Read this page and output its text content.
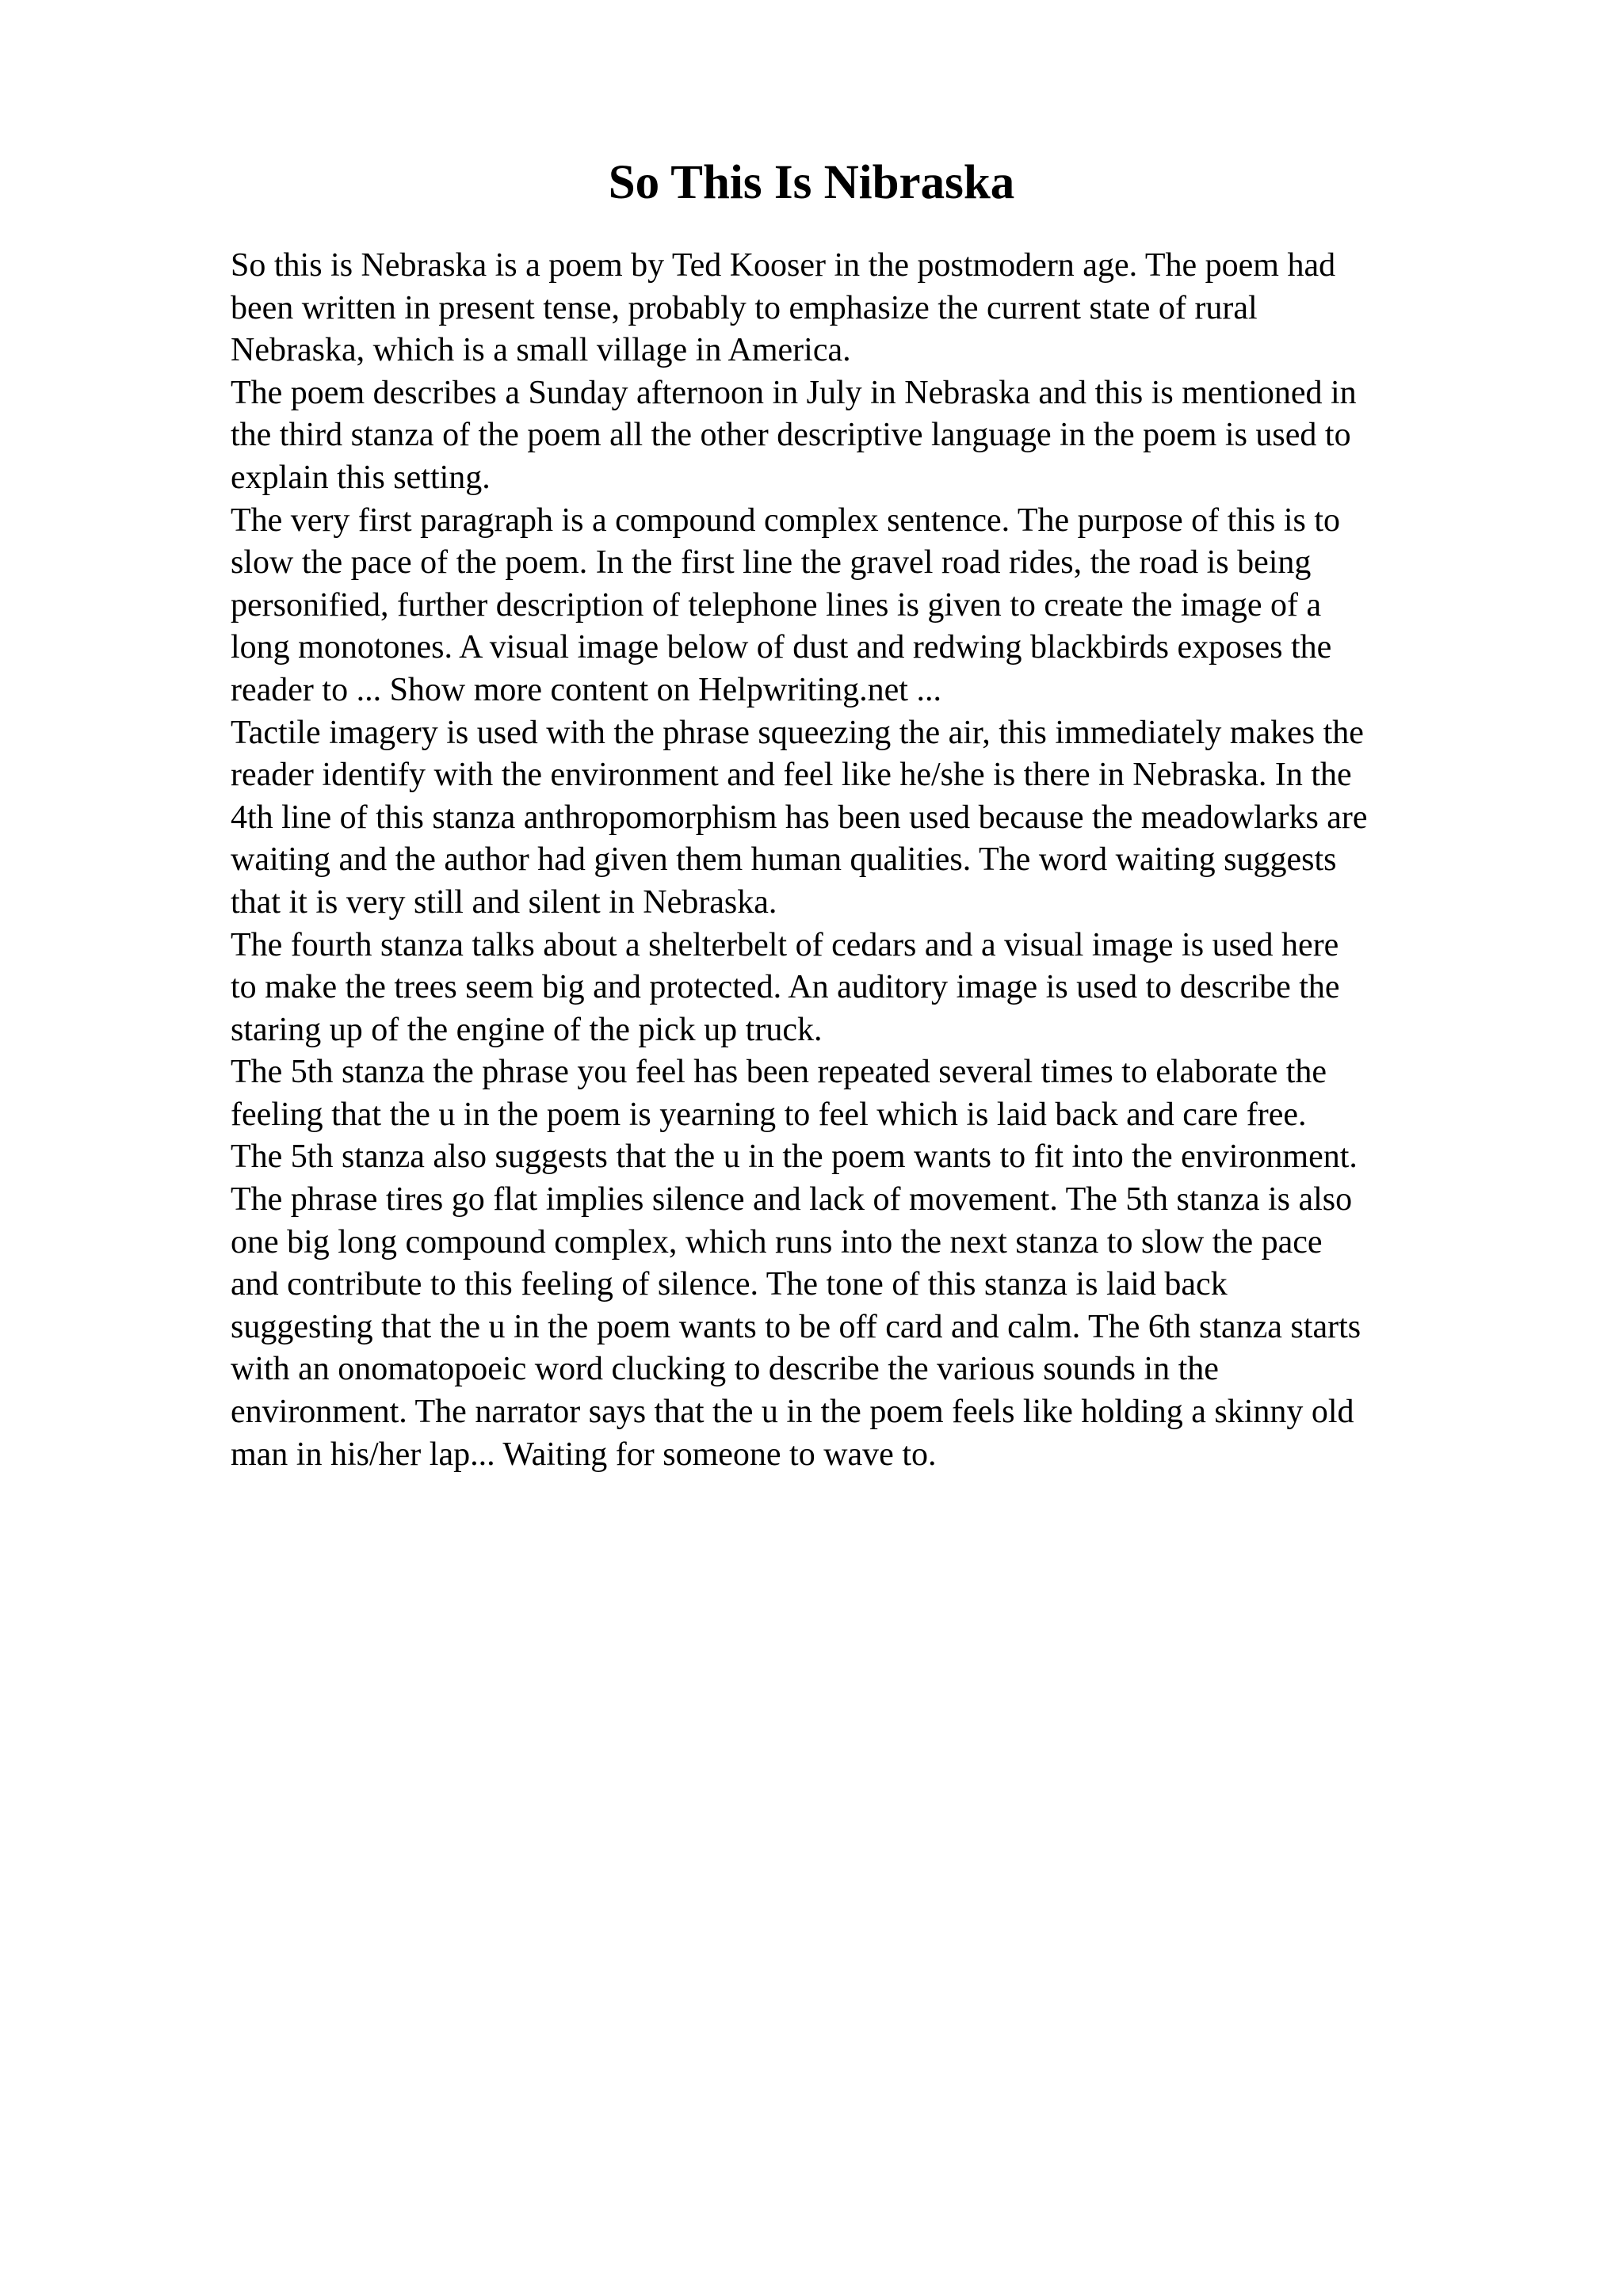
So This Is Nibraska
So this is Nebraska is a poem by Ted Kooser in the postmodern age. The poem had
been written in present tense, probably to emphasize the current state of rural
Nebraska, which is a small village in America.
The poem describes a Sunday afternoon in July in Nebraska and this is mentioned in
the third stanza of the poem all the other descriptive language in the poem is used to
explain this setting.
The very first paragraph is a compound complex sentence. The purpose of this is to
slow the pace of the poem. In the first line the gravel road rides, the road is being
personified, further description of telephone lines is given to create the image of a
long monotones. A visual image below of dust and redwing blackbirds exposes the
reader to ... Show more content on Helpwriting.net ...
Tactile imagery is used with the phrase squeezing the air, this immediately makes the
reader identify with the environment and feel like he/she is there in Nebraska. In the
4th line of this stanza anthropomorphism has been used because the meadowlarks are
waiting and the author had given them human qualities. The word waiting suggests
that it is very still and silent in Nebraska.
The fourth stanza talks about a shelterbelt of cedars and a visual image is used here
to make the trees seem big and protected. An auditory image is used to describe the
staring up of the engine of the pick up truck.
The 5th stanza the phrase you feel has been repeated several times to elaborate the
feeling that the u in the poem is yearning to feel which is laid back and care free.
The 5th stanza also suggests that the u in the poem wants to fit into the environment.
The phrase tires go flat implies silence and lack of movement. The 5th stanza is also
one big long compound complex, which runs into the next stanza to slow the pace
and contribute to this feeling of silence. The tone of this stanza is laid back
suggesting that the u in the poem wants to be off card and calm. The 6th stanza starts
with an onomatopoeic word clucking to describe the various sounds in the
environment. The narrator says that the u in the poem feels like holding a skinny old
man in his/her lap... Waiting for someone to wave to.
